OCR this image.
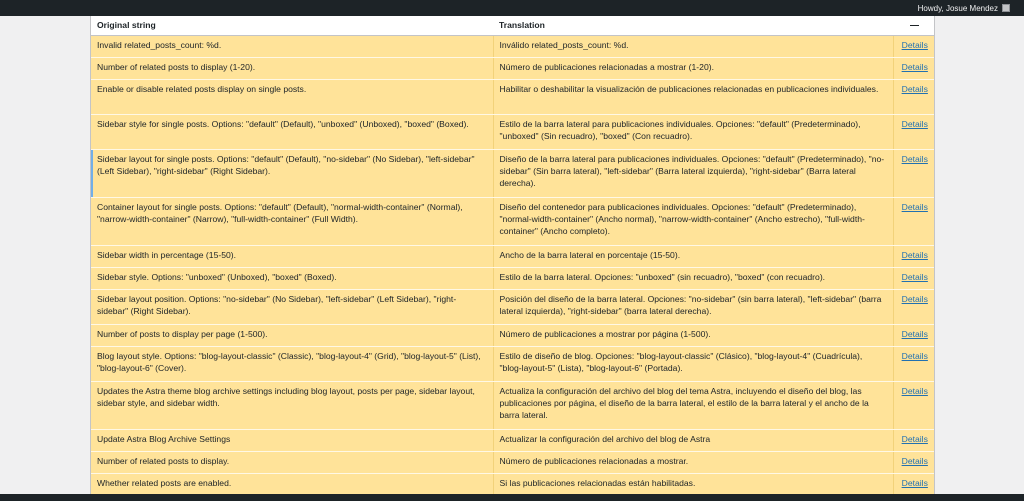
Howdy, Josue Mendez
Original string	Translation	
Invalid related_posts_count: %d.	Inválido related_posts_count: %d.	Details
Number of related posts to display (1-20).	Número de publicaciones relacionadas a mostrar (1-20).	Details
Enable or disable related posts display on single posts.	Habilitar o deshabilitar la visualización de publicaciones relacionadas en publicaciones individuales.	Details
Sidebar style for single posts. Options: "default" (Default), "unboxed" (Unboxed), "boxed" (Boxed).	Estilo de la barra lateral para publicaciones individuales. Opciones: "default" (Predeterminado), "unboxed" (Sin recuadro), "boxed" (Con recuadro).	Details
Sidebar layout for single posts. Options: "default" (Default), "no-sidebar" (No Sidebar), "left-sidebar" (Left Sidebar), "right-sidebar" (Right Sidebar).	Diseño de la barra lateral para publicaciones individuales. Opciones: "default" (Predeterminado), "no-sidebar" (Sin barra lateral), "left-sidebar" (Barra lateral izquierda), "right-sidebar" (Barra lateral derecha).	Details
Container layout for single posts. Options: "default" (Default), "normal-width-container" (Normal), "narrow-width-container" (Narrow), "full-width-container" (Full Width).	Diseño del contenedor para publicaciones individuales. Opciones: "default" (Predeterminado), "normal-width-container" (Ancho normal), "narrow-width-container" (Ancho estrecho), "full-width-container" (Ancho completo).	Details
Sidebar width in percentage (15-50).	Ancho de la barra lateral en porcentaje (15-50).	Details
Sidebar style. Options: "unboxed" (Unboxed), "boxed" (Boxed).	Estilo de la barra lateral. Opciones: "unboxed" (sin recuadro), "boxed" (con recuadro).	Details
Sidebar layout position. Options: "no-sidebar" (No Sidebar), "left-sidebar" (Left Sidebar), "right-sidebar" (Right Sidebar).	Posición del diseño de la barra lateral. Opciones: "no-sidebar" (sin barra lateral), "left-sidebar" (barra lateral izquierda), "right-sidebar" (barra lateral derecha).	Details
Number of posts to display per page (1-500).	Número de publicaciones a mostrar por página (1-500).	Details
Blog layout style. Options: "blog-layout-classic" (Classic), "blog-layout-4" (Grid), "blog-layout-5" (List), "blog-layout-6" (Cover).	Estilo de diseño de blog. Opciones: "blog-layout-classic" (Clásico), "blog-layout-4" (Cuadrícula), "blog-layout-5" (Lista), "blog-layout-6" (Portada).	Details
Updates the Astra theme blog archive settings including blog layout, posts per page, sidebar layout, sidebar style, and sidebar width.	Actualiza la configuración del archivo del blog del tema Astra, incluyendo el diseño del blog, las publicaciones por página, el diseño de la barra lateral, el estilo de la barra lateral y el ancho de la barra lateral.	Details
Update Astra Blog Archive Settings	Actualizar la configuración del archivo del blog de Astra	Details
Number of related posts to display.	Número de publicaciones relacionadas a mostrar.	Details
Whether related posts are enabled.	Si las publicaciones relacionadas están habilitadas.	Details
